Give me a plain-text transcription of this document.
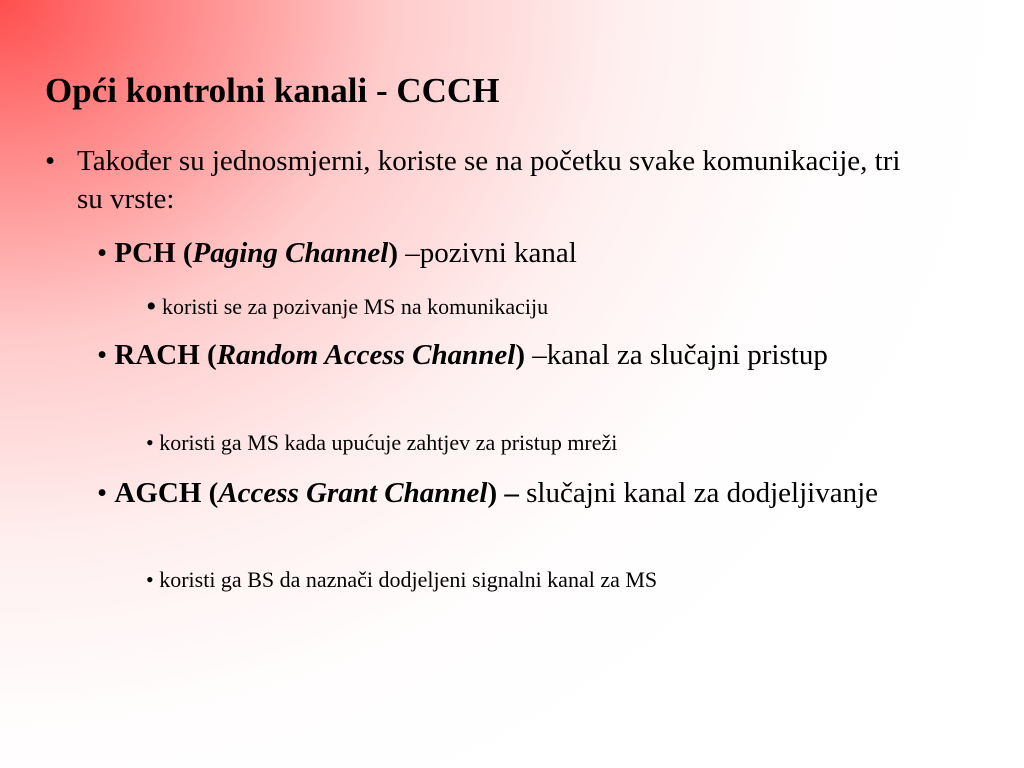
Opći kontrolni kanali - CCCH
• Također su jednosmjerni, koriste se na početku svake komunikacije, tri su vrste:
• PCH (Paging Channel) –pozivni kanal
• koristi se za pozivanje MS na komunikaciju
• RACH (Random Access Channel) –kanal za slučajni pristup
• koristi ga MS kada upućuje zahtjev za pristup mreži
• AGCH (Access Grant Channel) – slučajni kanal za dodjeljivanje
• koristi ga BS da naznači dodjeljeni signalni kanal za MS
